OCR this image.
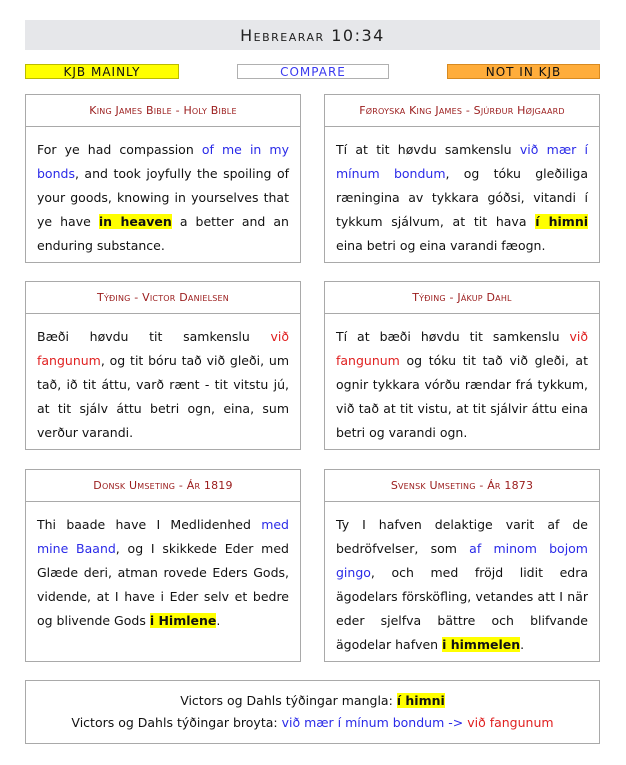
Hebrearar 10:34
KJB MAINLY	COMPARE	NOT IN KJB
King James Bible - Holy Bible
For ye had compassion of me in my bonds, and took joyfully the spoiling of your goods, knowing in yourselves that ye have in heaven a better and an enduring substance.
Føroyska King James - Sjúrður Højgaard
Tí at tit høvdu samkenslu við mær í mínum bondum, og tóku gleðiliga ræningina av tykkara góðsi, vitandi í tykkum sjálvum, at tit hava í himni eina betri og eina varandi fæogn.
Týðing - Victor Danielsen
Bæði høvdu tit samkenslu við fangunum, og tit bóru tað við gleði, um tað, ið tit áttu, varð rænt - tit vitstu jú, at tit sjálv áttu betri ogn, eina, sum verður varandi.
Týðing - Jákup Dahl
Tí at bæði høvdu tit samkenslu við fangunum og tóku tit tað við gleði, at ognir tykkara vórðu rændar frá tykkum, við tað at tit vistu, at tit sjálvir áttu eina betri og varandi ogn.
Donsk Umseting - Ár 1819
Thi baade have I Medlidenhed med mine Baand, og I skikkede Eder med Glæde deri, atman rovede Eders Gods, vidende, at I have i Eder selv et bedre og blivende Gods i Himlene.
Svensk Umseting - Ár 1873
Ty I hafven delaktige varit af de bedröfvelser, som af minom bojom gingo, och med fröjd lidit edra ägodelars försköfling, vetandes att I när eder sjelfva bättre och blifvande ägodelar hafven i himmelen.
Victors og Dahls týðingar mangla: í himni
Victors og Dahls týðingar broyta: við mær í mínum bondum -> við fangunum
